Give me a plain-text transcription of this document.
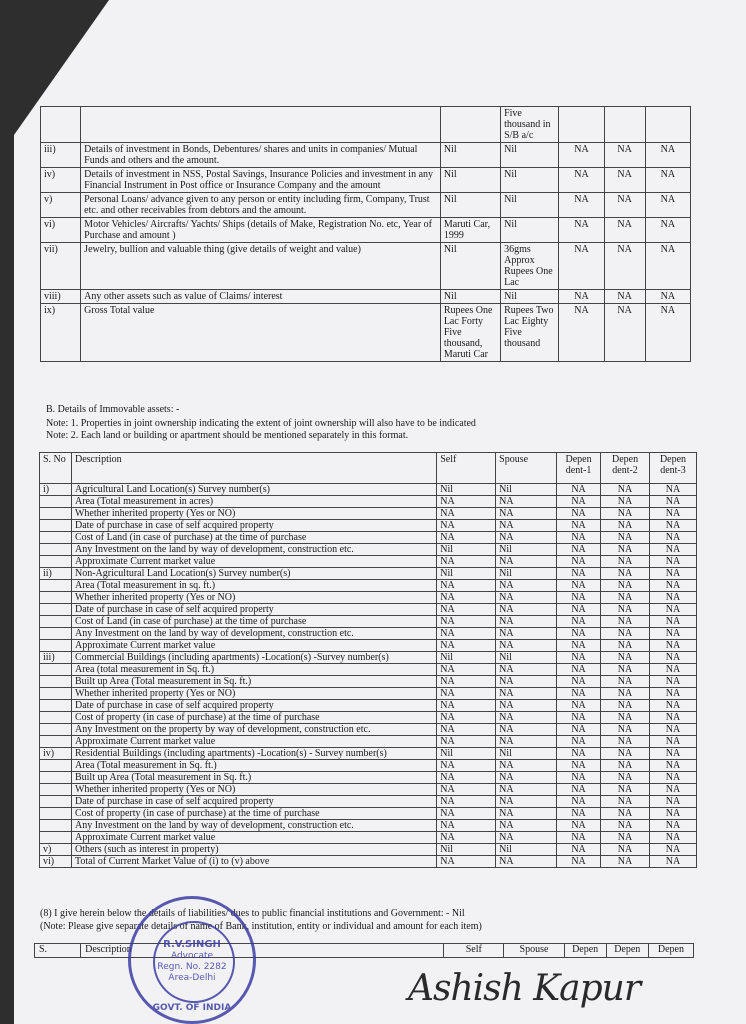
			Five thousand in S/B a/c			
iii)	Details of investment in Bonds, Debentures/ shares and units in companies/ Mutual Funds and others and the amount.	Nil	Nil	NA	NA	NA
iv)	Details of investment in NSS, Postal Savings, Insurance Policies and investment in any Financial Instrument in Post office or Insurance Company and the amount	Nil	Nil	NA	NA	NA
v)	Personal Loans/ advance given to any person or entity including firm, Company, Trust etc. and other receivables from debtors and the amount.	Nil	Nil	NA	NA	NA
vi)	Motor Vehicles/ Aircrafts/ Yachts/ Ships (details of Make, Registration No. etc, Year of Purchase and amount )	Maruti Car, 1999	Nil	NA	NA	NA
vii)	Jewelry, bullion and valuable thing (give details of weight and value)	Nil	36gms Approx Rupees One Lac	NA	NA	NA
viii)	Any other assets such as value of Claims/ interest	Nil	Nil	NA	NA	NA
ix)	Gross Total value	Rupees One Lac Forty Five thousand, Maruti Car	Rupees Two Lac Eighty Five thousand	NA	NA	NA
B. Details of Immovable assets: -
Note: 1. Properties in joint ownership indicating the extent of joint ownership will also have to be indicated
Note: 2. Each land or building or apartment should be mentioned separately in this format.
S. No	Description	Self	Spouse	Depen dent-1	Depen dent-2	Depen dent-3
i)	Agricultural Land Location(s) Survey number(s)	Nil	Nil	NA	NA	NA
	Area (Total measurement in acres)	NA	NA	NA	NA	NA
	Whether inherited property (Yes or NO)	NA	NA	NA	NA	NA
	Date of purchase in case of self acquired property	NA	NA	NA	NA	NA
	Cost of Land (in case of purchase) at the time of purchase	NA	NA	NA	NA	NA
	Any Investment on the land by way of development, construction etc.	Nil	Nil	NA	NA	NA
	Approximate Current market value	NA	NA	NA	NA	NA
ii)	Non-Agricultural Land Location(s) Survey number(s)	Nil	Nil	NA	NA	NA
	Area (Total measurement in sq. ft.)	NA	NA	NA	NA	NA
	Whether inherited property (Yes or NO)	NA	NA	NA	NA	NA
	Date of purchase in case of self acquired property	NA	NA	NA	NA	NA
	Cost of Land (in case of purchase) at the time of purchase	NA	NA	NA	NA	NA
	Any Investment on the land by way of development, construction etc.	NA	NA	NA	NA	NA
	Approximate Current market value	NA	NA	NA	NA	NA
iii)	Commercial Buildings (including apartments) -Location(s) -Survey number(s)	Nil	Nil	NA	NA	NA
	Area (total measurement in Sq. ft.)	NA	NA	NA	NA	NA
	Built up Area (Total measurement in Sq. ft.)	NA	NA	NA	NA	NA
	Whether inherited property (Yes or NO)	NA	NA	NA	NA	NA
	Date of purchase in case of self acquired property	NA	NA	NA	NA	NA
	Cost of property (in case of purchase) at the time of purchase	NA	NA	NA	NA	NA
	Any Investment on the property by way of development, construction etc.	NA	NA	NA	NA	NA
	Approximate Current market value	NA	NA	NA	NA	NA
iv)	Residential Buildings (including apartments) -Location(s) - Survey number(s)	Nil	Nil	NA	NA	NA
	Area (Total measurement in Sq. ft.)	NA	NA	NA	NA	NA
	Built up Area (Total measurement in Sq. ft.)	NA	NA	NA	NA	NA
	Whether inherited property (Yes or NO)	NA	NA	NA	NA	NA
	Date of purchase in case of self acquired property	NA	NA	NA	NA	NA
	Cost of property (in case of purchase) at the time of purchase	NA	NA	NA	NA	NA
	Any Investment on the land by way of development, construction etc.	NA	NA	NA	NA	NA
	Approximate Current market value	NA	NA	NA	NA	NA
v)	Others (such as interest in property)	Nil	Nil	NA	NA	NA
vi)	Total of Current Market Value of (i) to (v) above	NA	NA	NA	NA	NA
(8) I give herein below the details of liabilities/ dues to public financial institutions and Government: - Nil
(Note: Please give separate details of name of Bank, institution, entity or individual and amount for each item)
S.	Description	Self	Spouse	Depen	Depen	Depen
R.V.SINGH
Advocate
Regn. No. 2282
Area-Delhi
GOVT. OF INDIA	Ashish Kapur
